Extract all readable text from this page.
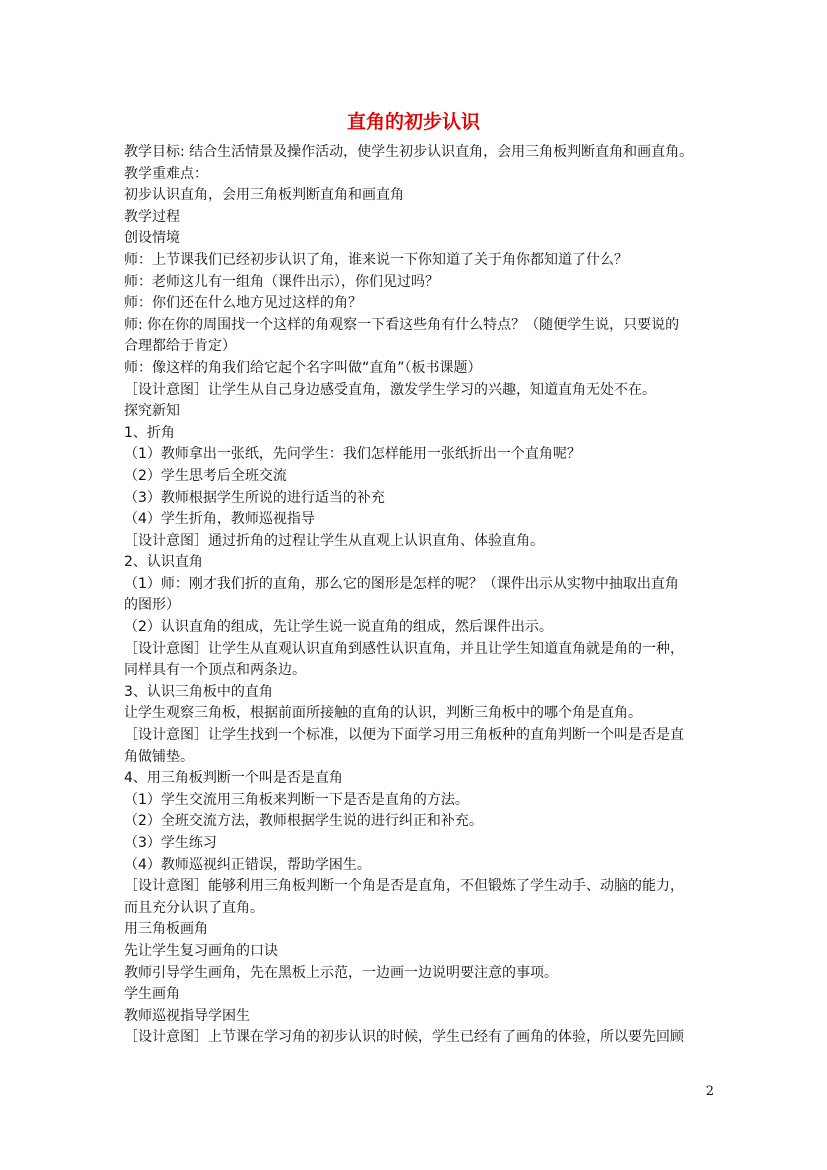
直角的初步认识
教学目标: 结合生活情景及操作活动，使学生初步认识直角，会用三角板判断直角和画直角。
教学重难点：
初步认识直角，会用三角板判断直角和画直角
教学过程
创设情境
师：上节课我们已经初步认识了角，谁来说一下你知道了关于角你都知道了什么？
师：老师这儿有一组角（课件出示），你们见过吗？
师：你们还在什么地方见过这样的角？
师: 你在你的周围找一个这样的角观察一下看这些角有什么特点？（随便学生说，只要说的
合理都给于肯定）
师：像这样的角我们给它起个名字叫做“直角”（板书课题）
［设计意图］让学生从自己身边感受直角，激发学生学习的兴趣，知道直角无处不在。
探究新知
1、折角
（1）教师拿出一张纸，先问学生：我们怎样能用一张纸折出一个直角呢？
（2）学生思考后全班交流
（3）教师根据学生所说的进行适当的补充
（4）学生折角，教师巡视指导
［设计意图］通过折角的过程让学生从直观上认识直角、体验直角。
2、认识直角
（1）师：刚才我们折的直角，那么它的图形是怎样的呢？（课件出示从实物中抽取出直角
的图形）
（2）认识直角的组成，先让学生说一说直角的组成，然后课件出示。
［设计意图］让学生从直观认识直角到感性认识直角，并且让学生知道直角就是角的一种，
同样具有一个顶点和两条边。
3、认识三角板中的直角
让学生观察三角板，根据前面所接触的直角的认识，判断三角板中的哪个角是直角。
［设计意图］让学生找到一个标准，以便为下面学习用三角板种的直角判断一个叫是否是直
角做铺垫。
4、用三角板判断一个叫是否是直角
（1）学生交流用三角板来判断一下是否是直角的方法。
（2）全班交流方法，教师根据学生说的进行纠正和补充。
（3）学生练习
（4）教师巡视纠正错误，帮助学困生。
［设计意图］能够利用三角板判断一个角是否是直角，不但锻炼了学生动手、动脑的能力，
而且充分认识了直角。
用三角板画角
先让学生复习画角的口诀
教师引导学生画角，先在黑板上示范，一边画一边说明要注意的事项。
学生画角
教师巡视指导学困生
［设计意图］上节课在学习角的初步认识的时候，学生已经有了画角的体验，所以要先回顾
2
